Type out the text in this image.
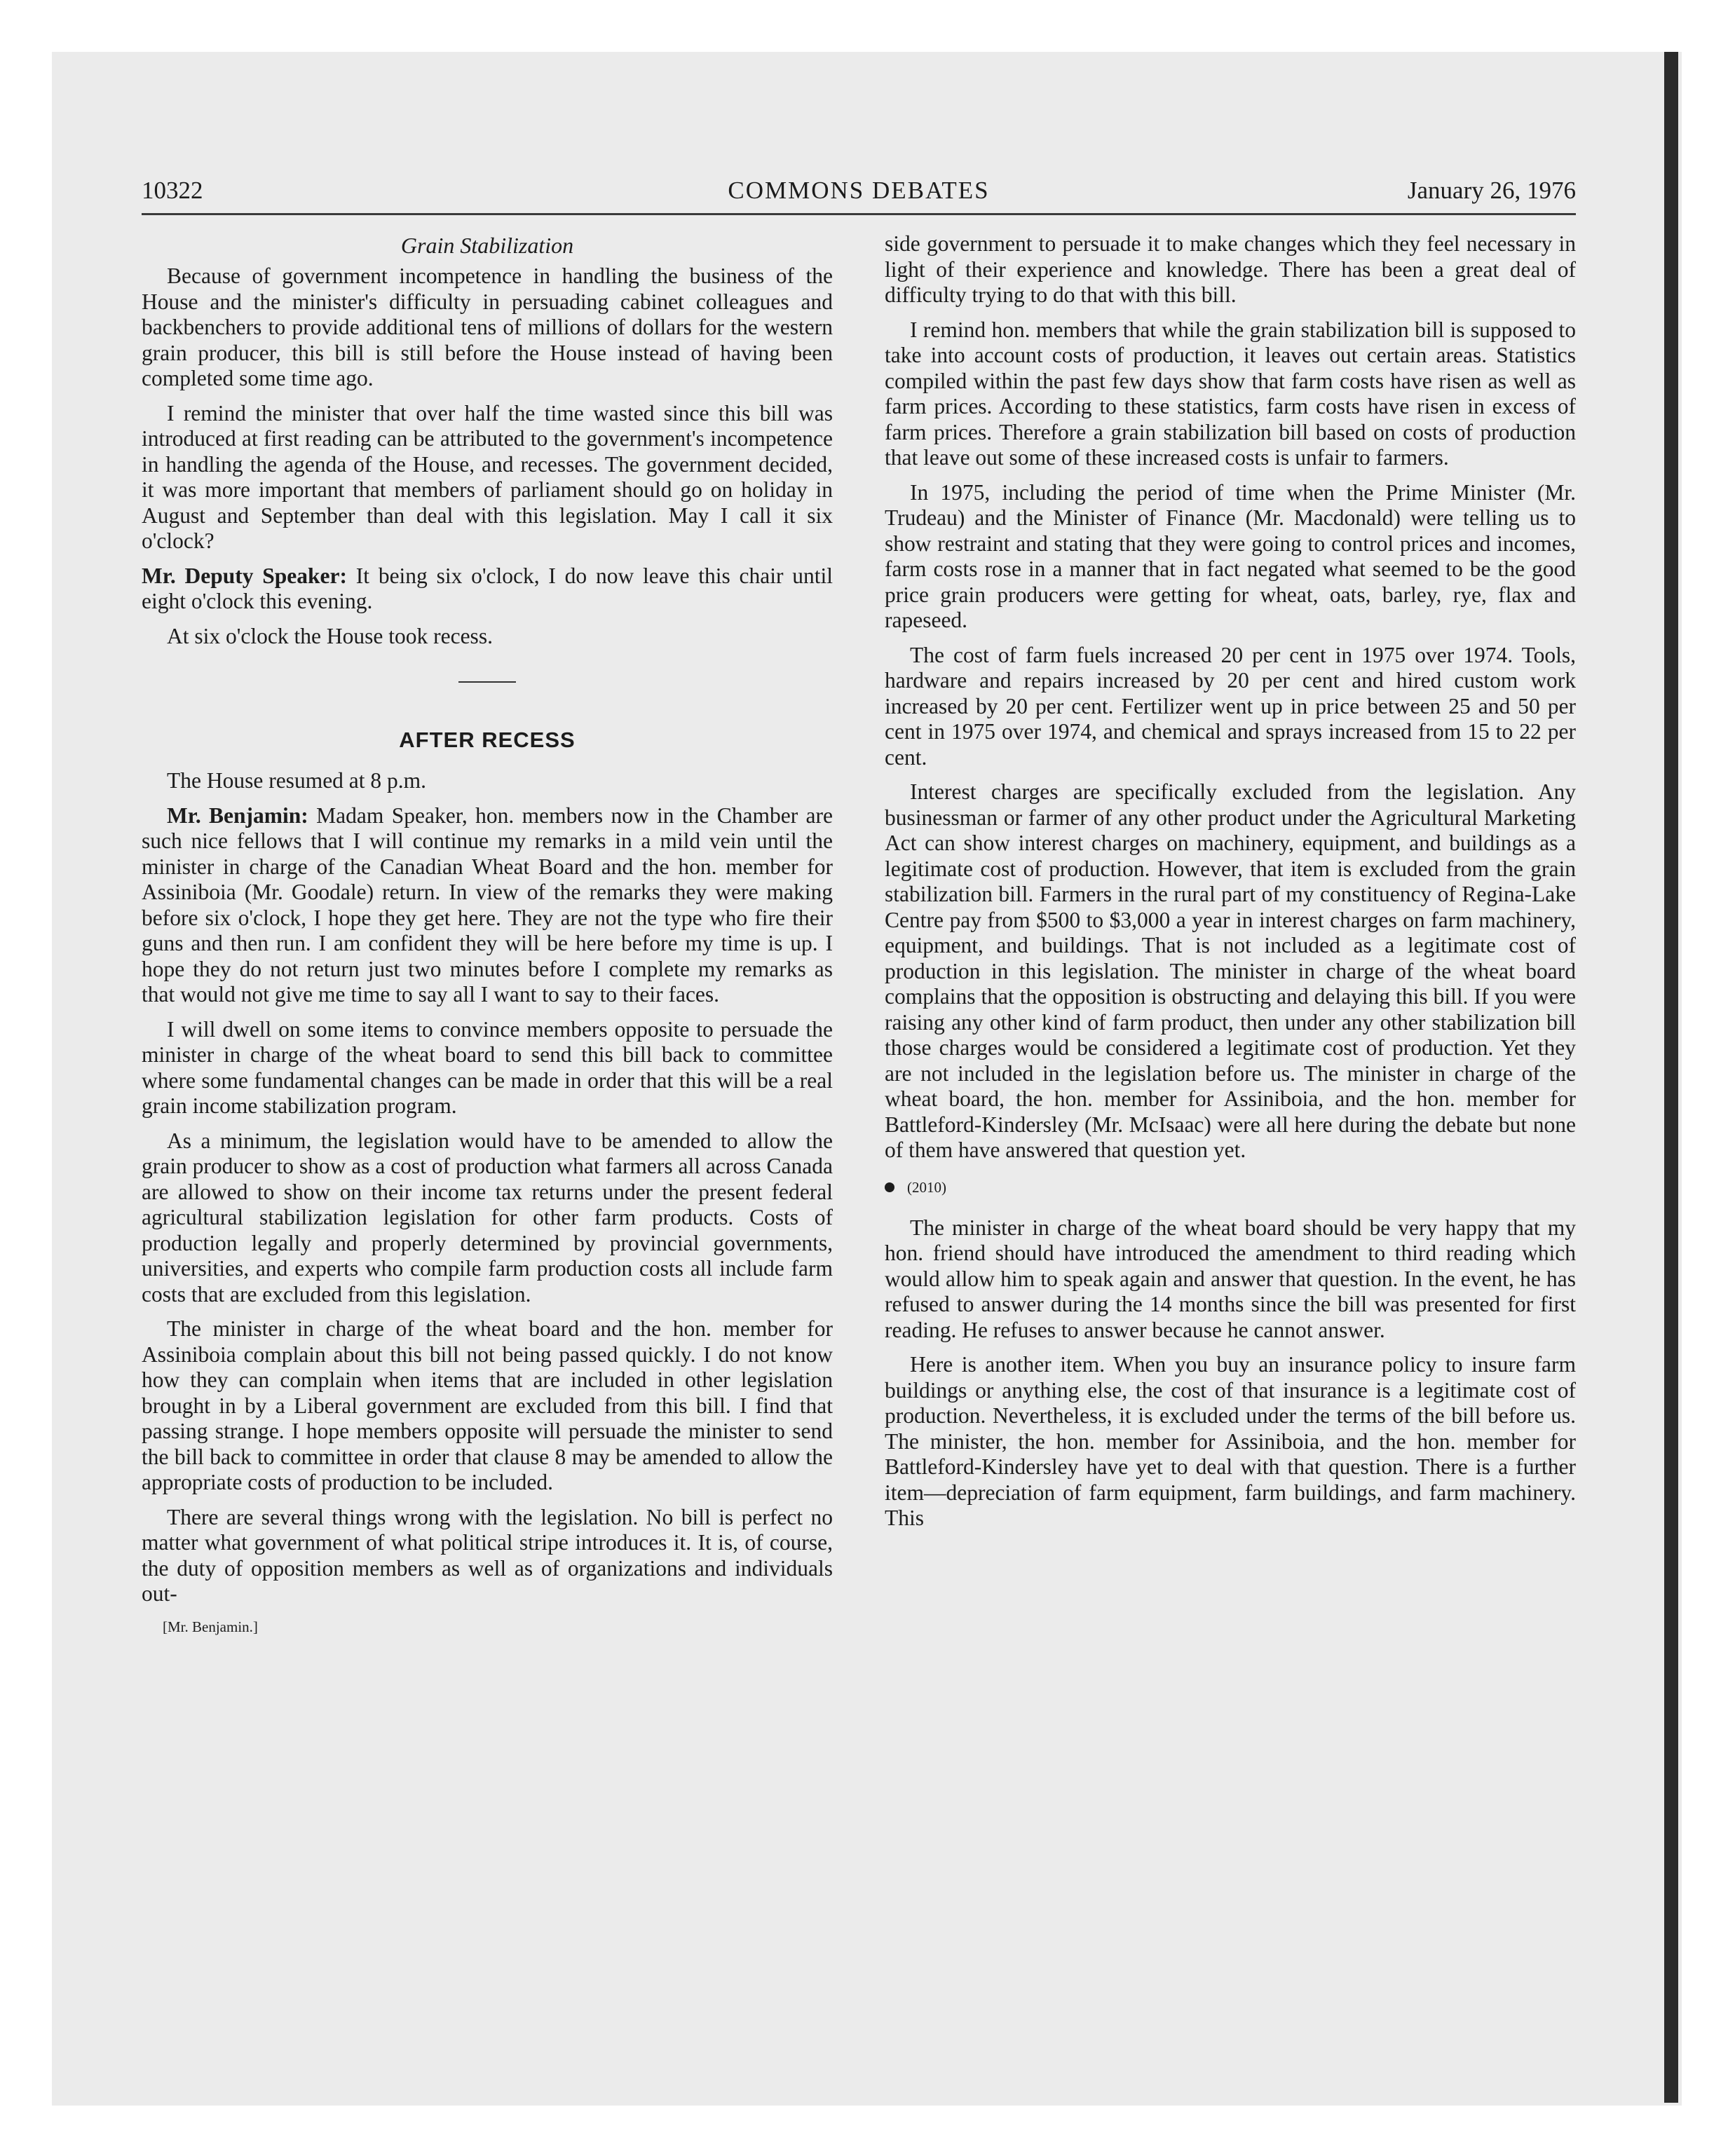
10322	COMMONS DEBATES	January 26, 1976
Grain Stabilization

Because of government incompetence in handling the business of the House and the minister's difficulty in persuading cabinet colleagues and backbenchers to provide additional tens of millions of dollars for the western grain producer, this bill is still before the House instead of having been completed some time ago.

I remind the minister that over half the time wasted since this bill was introduced at first reading can be attributed to the government's incompetence in handling the agenda of the House, and recesses. The government decided, it was more important that members of parliament should go on holiday in August and September than deal with this legislation. May I call it six o'clock?

Mr. Deputy Speaker: It being six o'clock, I do now leave this chair until eight o'clock this evening.

At six o'clock the House took recess.

AFTER RECESS

The House resumed at 8 p.m.

Mr. Benjamin: Madam Speaker, hon. members now in the Chamber are such nice fellows that I will continue my remarks in a mild vein until the minister in charge of the Canadian Wheat Board and the hon. member for Assiniboia (Mr. Goodale) return. In view of the remarks they were making before six o'clock, I hope they get here. They are not the type who fire their guns and then run. I am confident they will be here before my time is up. I hope they do not return just two minutes before I complete my remarks as that would not give me time to say all I want to say to their faces.

I will dwell on some items to convince members opposite to persuade the minister in charge of the wheat board to send this bill back to committee where some fundamental changes can be made in order that this will be a real grain income stabilization program.

As a minimum, the legislation would have to be amended to allow the grain producer to show as a cost of production what farmers all across Canada are allowed to show on their income tax returns under the present federal agricultural stabilization legislation for other farm products. Costs of production legally and properly determined by provincial governments, universities, and experts who compile farm production costs all include farm costs that are excluded from this legislation.

The minister in charge of the wheat board and the hon. member for Assiniboia complain about this bill not being passed quickly. I do not know how they can complain when items that are included in other legislation brought in by a Liberal government are excluded from this bill. I find that passing strange. I hope members opposite will persuade the minister to send the bill back to committee in order that clause 8 may be amended to allow the appropriate costs of production to be included.

There are several things wrong with the legislation. No bill is perfect no matter what government of what political stripe introduces it. It is, of course, the duty of opposition members as well as of organizations and individuals out-

[Mr. Benjamin.]

side government to persuade it to make changes which they feel necessary in light of their experience and knowledge. There has been a great deal of difficulty trying to do that with this bill.

I remind hon. members that while the grain stabilization bill is supposed to take into account costs of production, it leaves out certain areas. Statistics compiled within the past few days show that farm costs have risen as well as farm prices. According to these statistics, farm costs have risen in excess of farm prices. Therefore a grain stabilization bill based on costs of production that leave out some of these increased costs is unfair to farmers.

In 1975, including the period of time when the Prime Minister (Mr. Trudeau) and the Minister of Finance (Mr. Macdonald) were telling us to show restraint and stating that they were going to control prices and incomes, farm costs rose in a manner that in fact negated what seemed to be the good price grain producers were getting for wheat, oats, barley, rye, flax and rapeseed.

The cost of farm fuels increased 20 per cent in 1975 over 1974. Tools, hardware and repairs increased by 20 per cent and hired custom work increased by 20 per cent. Fertilizer went up in price between 25 and 50 per cent in 1975 over 1974, and chemical and sprays increased from 15 to 22 per cent.

Interest charges are specifically excluded from the legislation. Any businessman or farmer of any other product under the Agricultural Marketing Act can show interest charges on machinery, equipment, and buildings as a legitimate cost of production. However, that item is excluded from the grain stabilization bill. Farmers in the rural part of my constituency of Regina-Lake Centre pay from $500 to $3,000 a year in interest charges on farm machinery, equipment, and buildings. That is not included as a legitimate cost of production in this legislation. The minister in charge of the wheat board complains that the opposition is obstructing and delaying this bill. If you were raising any other kind of farm product, then under any other stabilization bill those charges would be considered a legitimate cost of production. Yet they are not included in the legislation before us. The minister in charge of the wheat board, the hon. member for Assiniboia, and the hon. member for Battleford-Kindersley (Mr. McIsaac) were all here during the debate but none of them have answered that question yet.

(2010)

The minister in charge of the wheat board should be very happy that my hon. friend should have introduced the amendment to third reading which would allow him to speak again and answer that question. In the event, he has refused to answer during the 14 months since the bill was presented for first reading. He refuses to answer because he cannot answer.

Here is another item. When you buy an insurance policy to insure farm buildings or anything else, the cost of that insurance is a legitimate cost of production. Nevertheless, it is excluded under the terms of the bill before us. The minister, the hon. member for Assiniboia, and the hon. member for Battleford-Kindersley have yet to deal with that question. There is a further item—depreciation of farm equipment, farm buildings, and farm machinery. This
